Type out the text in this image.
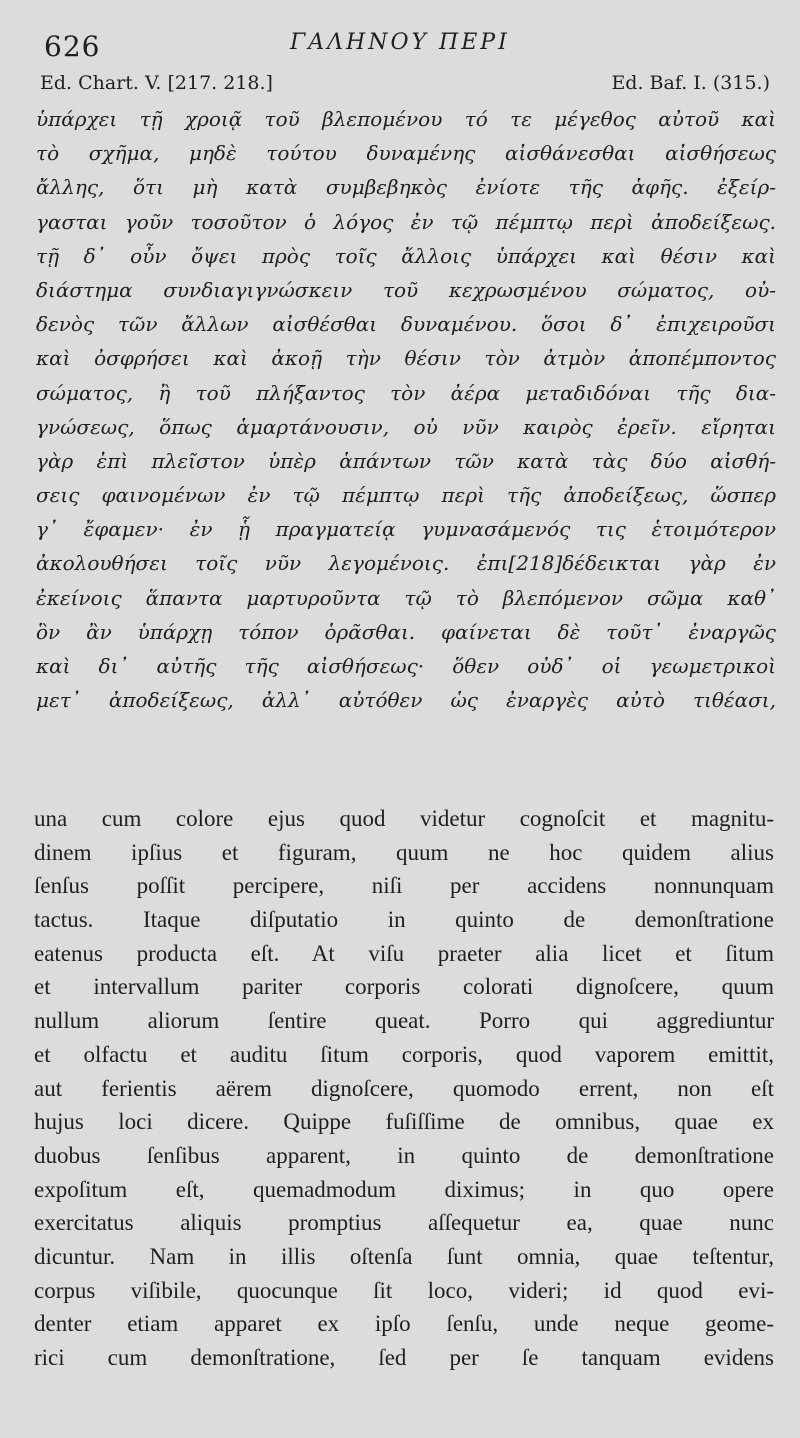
626	ΓΑΛΗΝΟΥ ΠΕΡΙ
Ed. Chart. V. [217. 218.]	Ed. Baf. I. (315.)
ὑπάρχει τῇ χροιᾷ τοῦ βλεπομένου τό τε μέγεθος αὐτοῦ καὶ
τὸ σχῆμα, μηδὲ τούτου δυναμένης αἰσθάνεσθαι αἰσθήσεως
ἄλλης, ὅτι μὴ κατὰ συμβεβηκὸς ἐνίοτε τῆς ἁφῆς. ἐξείρ-
γασται γοῦν τοσοῦτον ὁ λόγος ἐν τῷ πέμπτῳ περὶ ἀποδείξεως.
τῇ δ᾽ οὖν ὄψει πρὸς τοῖς ἄλλοις ὑπάρχει καὶ θέσιν καὶ
διάστημα συνδιαγιγνώσκειν τοῦ κεχρωσμένου σώματος, οὐ-
δενὸς τῶν ἄλλων αἰσθέσθαι δυναμένου. ὅσοι δ᾽ ἐπιχειροῦσι
καὶ ὀσφρήσει καὶ ἀκοῇ τὴν θέσιν τὸν ἀτμὸν ἀποπέμποντος
σώματος, ἢ τοῦ πλήξαντος τὸν ἀέρα μεταδιδόναι τῆς δια-
γνώσεως, ὅπως ἁμαρτάνουσιν, οὐ νῦν καιρὸς ἐρεῖν. εἴρηται
γὰρ ἐπὶ πλεῖστον ὑπὲρ ἁπάντων τῶν κατὰ τὰς δύο αἰσθή-
σεις φαινομένων ἐν τῷ πέμπτῳ περὶ τῆς ἀποδείξεως, ὥσπερ
γ᾽ ἔφαμεν· ἐν ᾗ πραγματείᾳ γυμνασάμενός τις ἑτοιμότερον
ἀκολουθήσει τοῖς νῦν λεγομένοις. ἐπι[218]δέδεικται γὰρ ἐν
ἐκείνοις ἅπαντα μαρτυροῦντα τῷ τὸ βλεπόμενον σῶμα καθ᾽
ὃν ἂν ὑπάρχῃ τόπον ὁρᾶσθαι. φαίνεται δὲ τοῦτ᾽ ἐναργῶς
καὶ δι᾽ αὐτῆς τῆς αἰσθήσεως· ὅθεν οὐδ᾽ οἱ γεωμετρικοὶ
μετ᾽ ἀποδείξεως, ἀλλ᾽ αὐτόθεν ὡς ἐναργὲς αὐτὸ τιθέασι,
una cum colore ejus quod videtur cognoſcit et magnitu-
dinem ipſius et figuram, quum ne hoc quidem alius
ſenſus poſſit percipere, niſi per accidens nonnunquam
tactus. Itaque diſputatio in quinto de demonſtratione
eatenus producta eſt. At viſu praeter alia licet et ſitum
et intervallum pariter corporis colorati dignoſcere, quum
nullum aliorum ſentire queat. Porro qui aggrediuntur
et olfactu et auditu ſitum corporis, quod vaporem emittit,
aut ferientis aërem dignoſcere, quomodo errent, non eſt
hujus loci dicere. Quippe fuſiſſime de omnibus, quae ex
duobus ſenſibus apparent, in quinto de demonſtratione
expoſitum eſt, quemadmodum diximus; in quo opere
exercitatus aliquis promptius aſſequetur ea, quae nunc
dicuntur. Nam in illis oſtenſa ſunt omnia, quae teſtentur,
corpus viſibile, quocunque ſit loco, videri; id quod evi-
denter etiam apparet ex ipſo ſenſu, unde neque geome-
rici cum demonſtratione, ſed per ſe tanquam evidens
